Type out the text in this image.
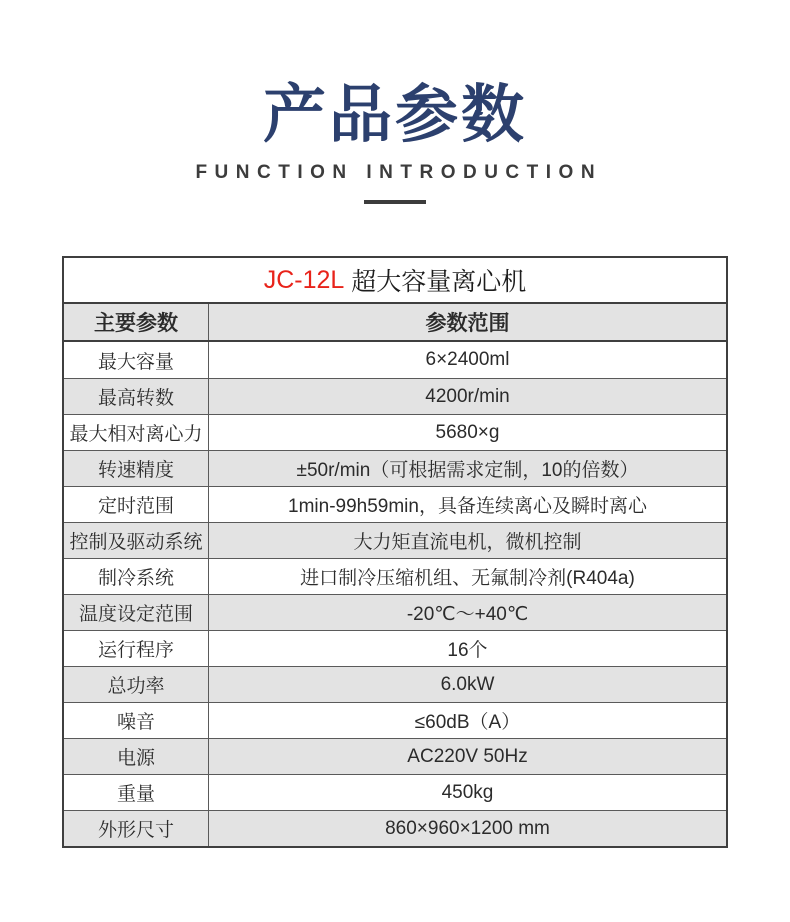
产品参数
FUNCTION INTRODUCTION
JC-12L 超大容量离心机
主要参数	参数范围
最大容量	6×2400ml
最高转数	4200r/min
最大相对离心力	5680×g
转速精度	±50r/min（可根据需求定制，10的倍数）
定时范围	1min-99h59min，具备连续离心及瞬时离心
控制及驱动系统	大力矩直流电机，微机控制
制冷系统	进口制冷压缩机组、无氟制冷剂(R404a)
温度设定范围	-20℃～+40℃
运行程序	16个
总功率	6.0kW
噪音	≤60dB（A）
电源	AC220V 50Hz
重量	450kg
外形尺寸	860×960×1200 mm
